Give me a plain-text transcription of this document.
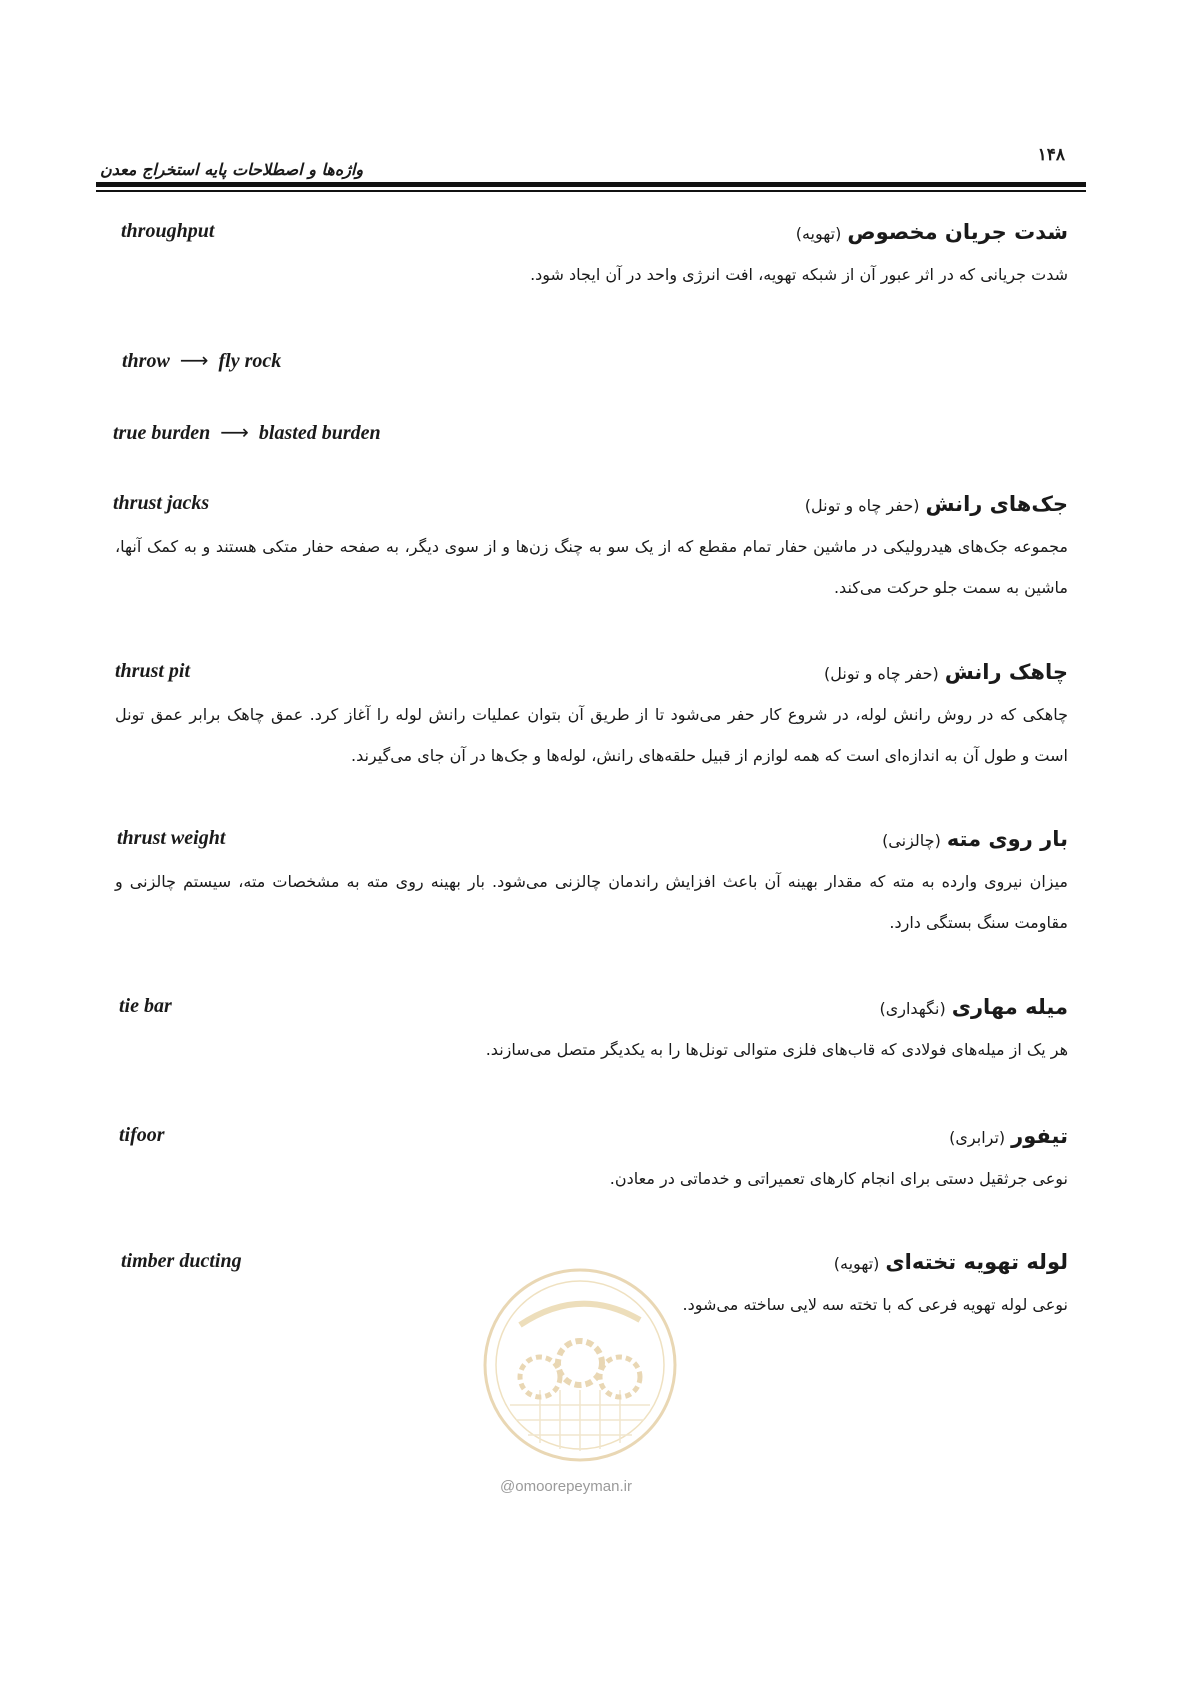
واژه‌ها و اصطلاحات پایه استخراج معدن
۱۴۸
throughput	شدت جریان مخصوص(تهویه)
شدت جریانی که در اثر عبور آن از شبکه تهویه، افت انرژی واحد در آن ایجاد شود.
throw ⟶ fly rock
true burden ⟶ blasted burden
thrust jacks	جک‌های رانش(حفر چاه و تونل)
مجموعه جک‌های هیدرولیکی در ماشین حفار تمام مقطع که از یک سو به چنگ زن‌ها و از سوی دیگر، به صفحه حفار متکی هستند و به کمک آنها، ماشین به سمت جلو حرکت می‌کند.
thrust pit	چاهک رانش(حفر چاه و تونل)
چاهکی که در روش رانش لوله، در شروع کار حفر می‌شود تا از طریق آن بتوان عملیات رانش لوله را آغاز کرد. عمق چاهک برابر عمق تونل است و طول آن به اندازه‌ای است که همه لوازم از قبیل حلقه‌های رانش، لوله‌ها و جک‌ها در آن جای می‌گیرند.
thrust weight	بار روی مته(چالزنی)
میزان نیروی وارده به مته که مقدار بهینه آن باعث افزایش راندمان چالزنی می‌شود. بار بهینه روی مته به مشخصات مته، سیستم چالزنی و مقاومت سنگ بستگی دارد.
tie bar	میله مهاری(نگهداری)
هر یک از میله‌های فولادی که قاب‌های فلزی متوالی تونل‌ها را به یکدیگر متصل می‌سازند.
tifoor	تیفور(ترابری)
نوعی جرثقیل دستی برای انجام کارهای تعمیراتی و خدماتی در معادن.
timber ducting	لوله تهویه تخته‌ای(تهویه)
نوعی لوله تهویه فرعی که با تخته سه لایی ساخته می‌شود.
@omoorepeyman.ir
